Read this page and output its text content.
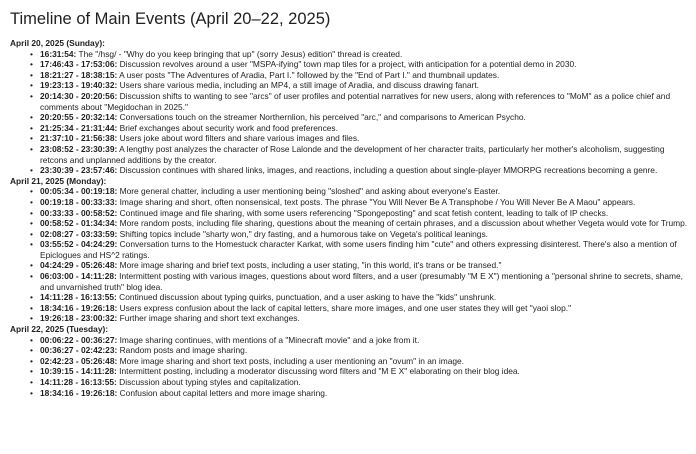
Timeline of Main Events (April 20–22, 2025)
April 20, 2025 (Sunday):
• 16:31:54: The "/hsg/ - "Why do you keep bringing that up" (sorry Jesus) edition" thread is created.
• 17:46:43 - 17:53:06: Discussion revolves around a user "MSPA-ifying" town map tiles for a project, with anticipation for a potential demo in 2030.
• 18:21:27 - 18:38:15: A user posts "The Adventures of Aradia, Part I." followed by the "End of Part I." and thumbnail updates.
• 19:23:13 - 19:40:32: Users share various media, including an MP4, a still image of Aradia, and discuss drawing fanart.
• 20:14:30 - 20:20:56: Discussion shifts to wanting to see "arcs" of user profiles and potential narratives for new users, along with references to "MoM" as a police chief and comments about "Megidochan in 2025."
• 20:20:55 - 20:32:14: Conversations touch on the streamer Northernlion, his perceived "arc," and comparisons to American Psycho.
• 21:25:34 - 21:31:44: Brief exchanges about security work and food preferences.
• 21:37:10 - 21:56:38: Users joke about word filters and share various images and files.
• 23:08:52 - 23:30:39: A lengthy post analyzes the character of Rose Lalonde and the development of her character traits, particularly her mother's alcoholism, suggesting retcons and unplanned additions by the creator.
• 23:30:39 - 23:57:46: Discussion continues with shared links, images, and reactions, including a question about single-player MMORPG recreations becoming a genre.
April 21, 2025 (Monday):
• 00:05:34 - 00:19:18: More general chatter, including a user mentioning being "sloshed" and asking about everyone's Easter.
• 00:19:18 - 00:33:33: Image sharing and short, often nonsensical, text posts. The phrase "You Will Never Be A Transphobe / You Will Never Be A Maou" appears.
• 00:33:33 - 00:58:52: Continued image and file sharing, with some users referencing "Spongeposting" and scat fetish content, leading to talk of IP checks.
• 00:58:52 - 01:34:34: More random posts, including file sharing, questions about the meaning of certain phrases, and a discussion about whether Vegeta would vote for Trump.
• 02:08:27 - 03:33:59: Shifting topics include "sharty won," dry fasting, and a humorous take on Vegeta's political leanings.
• 03:55:52 - 04:24:29: Conversation turns to the Homestuck character Karkat, with some users finding him "cute" and others expressing disinterest. There's also a mention of Epiclogues and HS^2 ratings.
• 04:24:29 - 05:26:48: More image sharing and brief text posts, including a user stating, "in this world, it's trans or be transed."
• 06:03:00 - 14:11:28: Intermittent posting with various images, questions about word filters, and a user (presumably "M E X") mentioning a "personal shrine to secrets, shame, and unvarnished truth" blog idea.
• 14:11:28 - 16:13:55: Continued discussion about typing quirks, punctuation, and a user asking to have the "kids" unshrunk.
• 18:34:16 - 19:26:18: Users express confusion about the lack of capital letters, share more images, and one user states they will get "yaoi slop."
• 19:26:18 - 23:00:32: Further image sharing and short text exchanges.
April 22, 2025 (Tuesday):
• 00:06:22 - 00:36:27: Image sharing continues, with mentions of a "Minecraft movie" and a joke from it.
• 00:36:27 - 02:42:23: Random posts and image sharing.
• 02:42:23 - 05:26:48: More image sharing and short text posts, including a user mentioning an "ovum" in an image.
• 10:39:15 - 14:11:28: Intermittent posting, including a moderator discussing word filters and "M E X" elaborating on their blog idea.
• 14:11:28 - 16:13:55: Discussion about typing styles and capitalization.
• 18:34:16 - 19:26:18: Confusion about capital letters and more image sharing.
